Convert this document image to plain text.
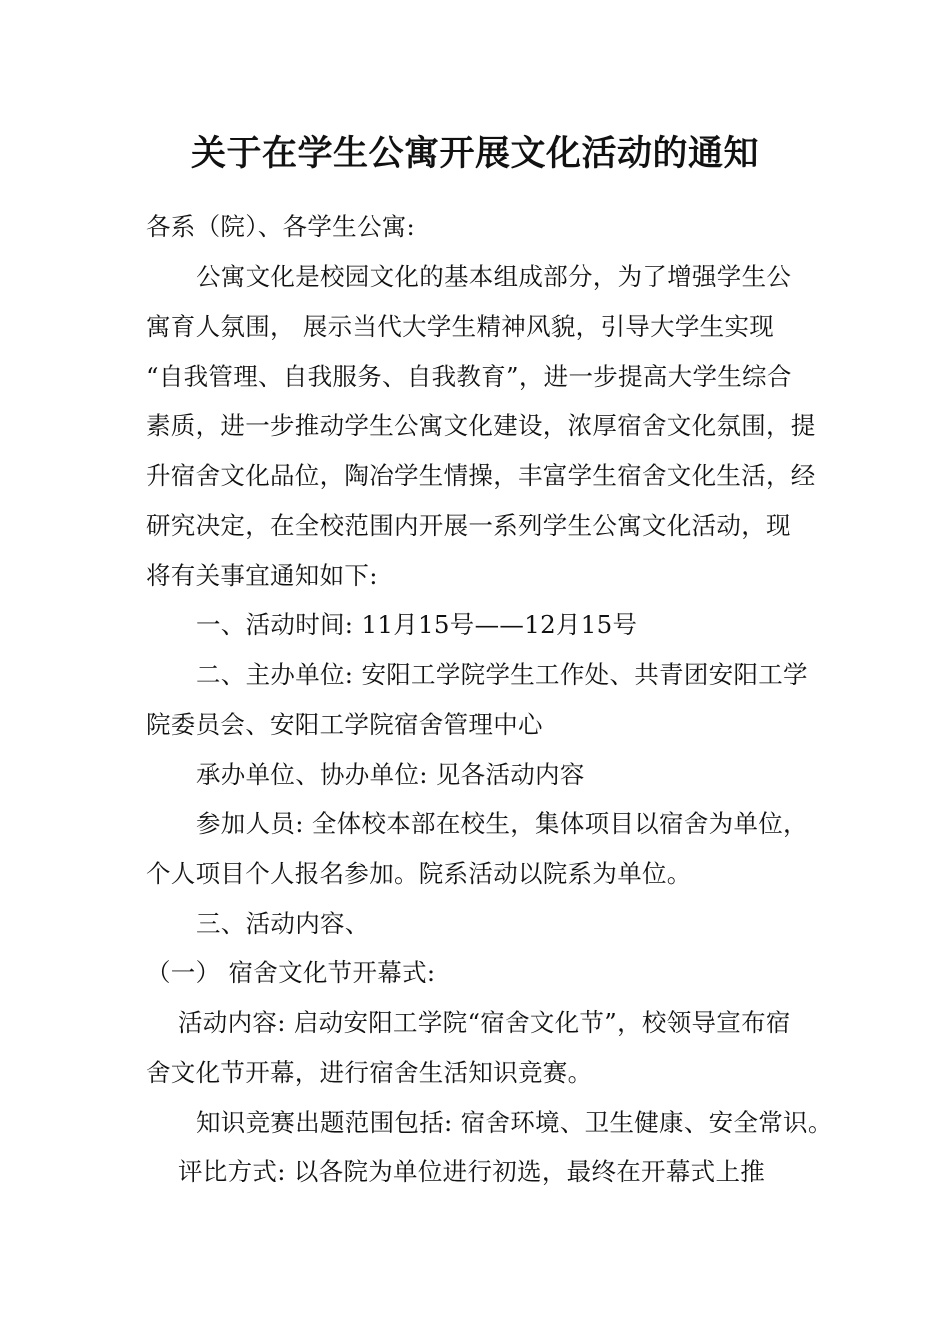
关于在学生公寓开展文化活动的通知
各系（院）、各学生公寓:
公寓文化是校园文化的基本组成部分，为了增强学生公
寓育人氛围， 展示当代大学生精神风貌，引导大学生实现
“自我管理、自我服务、自我教育”，进一步提高大学生综合
素质，进一步推动学生公寓文化建设，浓厚宿舍文化氛围，提
升宿舍文化品位，陶冶学生情操，丰富学生宿舍文化生活，经
研究决定，在全校范围内开展一系列学生公寓文化活动，现
将有关事宜通知如下:
一、活动时间: 11月15号——12月15号
二、主办单位: 安阳工学院学生工作处、共青团安阳工学
院委员会、安阳工学院宿舍管理中心
承办单位、协办单位: 见各活动内容
参加人员: 全体校本部在校生，集体项目以宿舍为单位，
个人项目个人报名参加。院系活动以院系为单位。
三、活动内容、
（一） 宿舍文化节开幕式:
活动内容: 启动安阳工学院“宿舍文化节”，校领导宣布宿
舍文化节开幕，进行宿舍生活知识竞赛。
知识竞赛出题范围包括: 宿舍环境、卫生健康、安全常识。
评比方式: 以各院为单位进行初选，最终在开幕式上推
